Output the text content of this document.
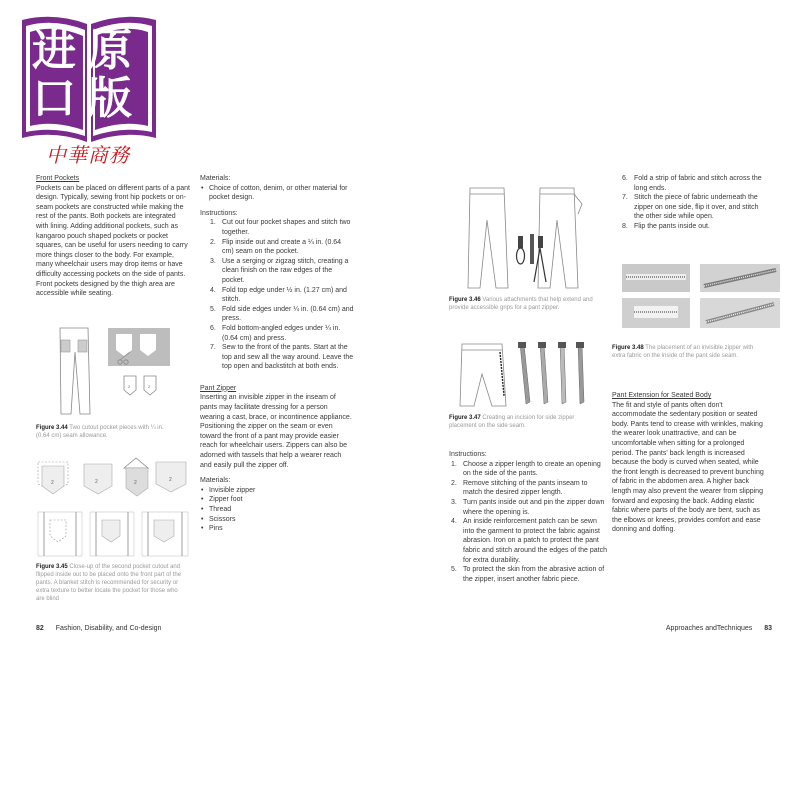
进原
口版
中華商務
Front Pockets
Pockets can be placed on different parts of a pant design. Typically, sewing front hip pockets or on-seam pockets are constructed while making the rest of the pants. Both pockets are integrated with lining. Adding additional pockets, such as kangaroo pouch shaped pockets or pocket squares, can be useful for users needing to carry more things closer to the body. For example, many wheelchair users may drop items or have difficulty accessing pockets on the side of pants. Front pockets designed by the thigh area are accessible while seating.
2	2
Figure 3.44 Two cutout pocket pieces with ¼ in. (0.64 cm) seam allowance.
2	2	2	2
Figure 3.45 Close-up of the second pocket cutout and flipped inside out to be placed onto the front part of the pants. A blanket stitch is recommended for security or extra texture to better locate the pocket for those who are blind
Materials:
• Choice of cotton, denim, or other material for pocket design.
Instructions:
1. Cut out four pocket shapes and stitch two together.
2. Flip inside out and create a ¼ in. (0.64 cm) seam on the pocket.
3. Use a serging or zigzag stitch, creating a clean finish on the raw edges of the pocket.
4. Fold top edge under ½ in. (1.27 cm) and stitch.
5. Fold side edges under ¼ in. (0.64 cm) and press.
6. Fold bottom-angled edges under ¼ in. (0.64 cm) and press.
7. Sew to the front of the pants. Start at the top and sew all the way around. Leave the top open and backstitch at both ends.
Pant Zipper
Inserting an invisible zipper in the inseam of pants may facilitate dressing for a person wearing a cast, brace, or incontinence appliance. Positioning the zipper on the seam or even toward the front of a pant may provide easier reach for wheelchair users. Zippers can also be adorned with tassels that help a wearer reach and easily pull the zipper off.
Materials:
• Invisible zipper
• Zipper foot
• Thread
• Scissors
• Pins
82 Fashion, Disability, and Co-design
Figure 3.46 Various attachments that help extend and provide accessible grips for a pant zipper.
Figure 3.47 Creating an incision for side zipper placement on the side seam.
Instructions:
1. Choose a zipper length to create an opening on the side of the pants.
2. Remove stitching of the pants inseam to match the desired zipper length.
3. Turn pants inside out and pin the zipper down where the opening is.
4. An inside reinforcement patch can be sewn into the garment to protect the fabric against abrasion. Iron on a patch to protect the pant fabric and stitch around the edges of the patch for extra durability.
5. To protect the skin from the abrasive action of the zipper, insert another fabric piece.
6. Fold a strip of fabric and stitch across the long ends.
7. Stitch the piece of fabric underneath the zipper on one side, flip it over, and stitch the other side while open.
8. Flip the pants inside out.
Figure 3.48 The placement of an invisible zipper with extra fabric on the inside of the pant side seam.
Pant Extension for Seated Body
The fit and style of pants often don't accommodate the sedentary position or seated body. Pants tend to crease with wrinkles, making the wearer look unattractive, and can be uncomfortable when sitting for a prolonged period. The pants' back length is increased because the body is curved when seated, while the front length is decreased to prevent bunching of fabric in the abdomen area. A higher back length may also prevent the wearer from slipping forward and exposing the back. Adding elastic fabric where parts of the body are bent, such as the elbows or knees, provides comfort and ease donning and doffing.
Approaches andTechniques 83
